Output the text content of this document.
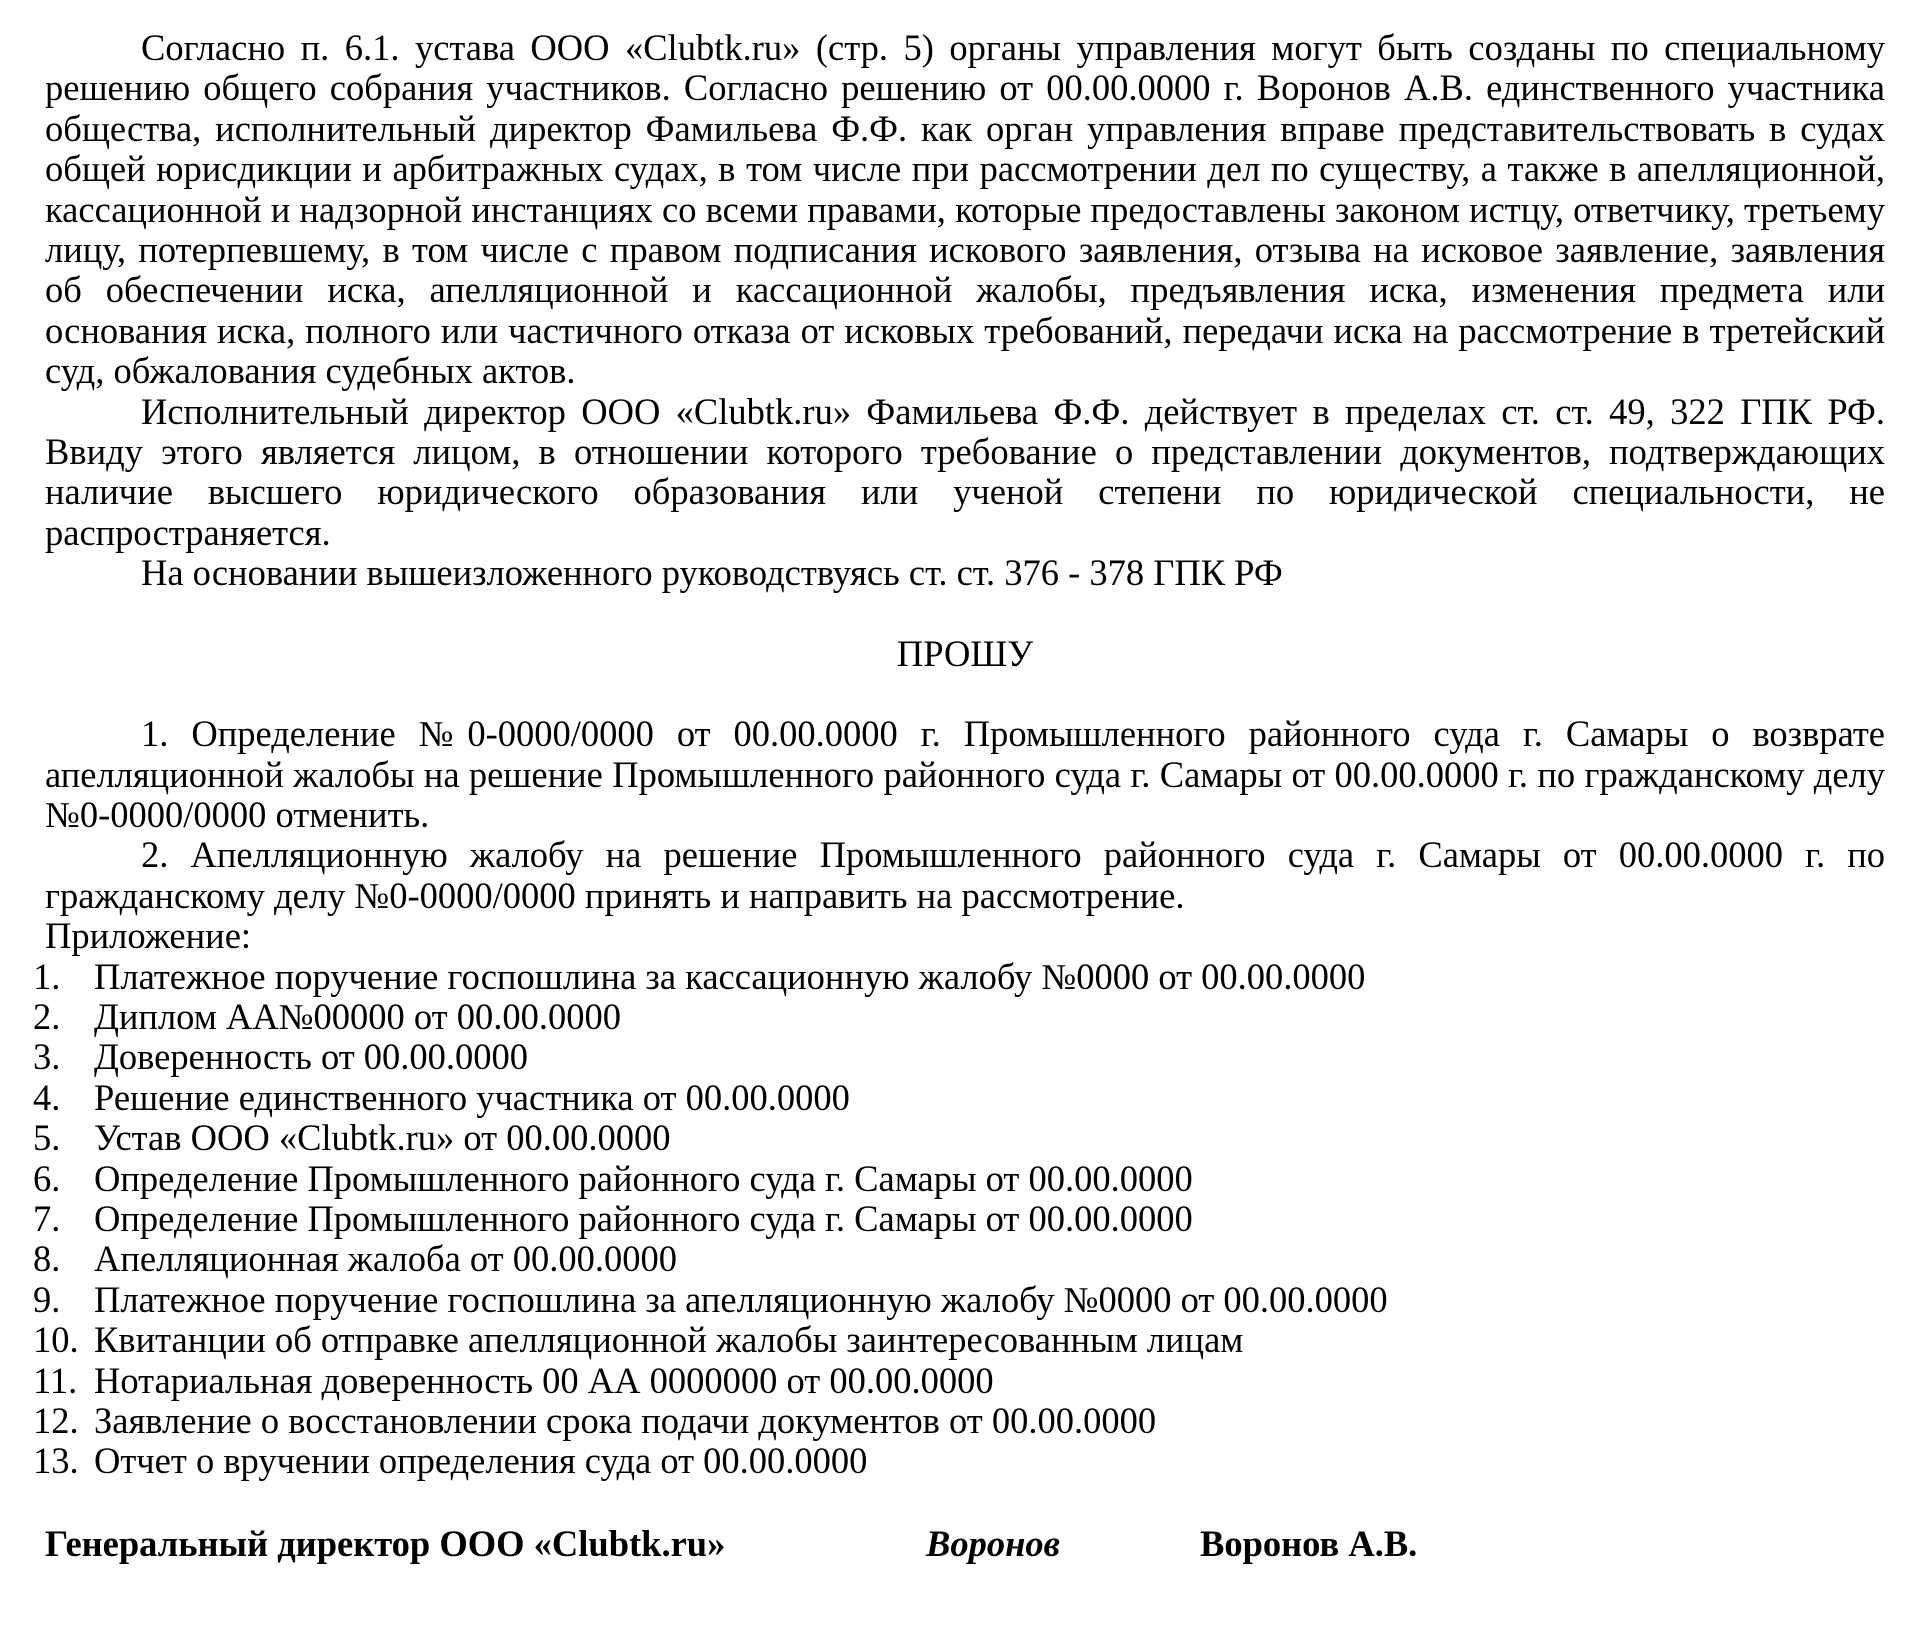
Согласно п. 6.1. устава ООО «Clubtk.ru» (стр. 5) органы управления могут быть созданы по специальному решению общего собрания участников. Согласно решению от 00.00.0000 г. Воронов А.В. единственного участника общества, исполнительный директор Фамильева Ф.Ф. как орган управления вправе представительствовать в судах общей юрисдикции и арбитражных судах, в том числе при рассмотрении дел по существу, а также в апелляционной, кассационной и надзорной инстанциях со всеми правами, которые предоставлены законом истцу, ответчику, третьему лицу, потерпевшему, в том числе с правом подписания искового заявления, отзыва на исковое заявление, заявления об обеспечении иска, апелляционной и кассационной жалобы, предъявления иска, изменения предмета или основания иска, полного или частичного отказа от исковых требований, передачи иска на рассмотрение в третейский суд, обжалования судебных актов.

Исполнительный директор ООО «Clubtk.ru» Фамильева Ф.Ф. действует в пределах ст. ст. 49, 322 ГПК РФ. Ввиду этого является лицом, в отношении которого требование о представлении документов, подтверждающих наличие высшего юридического образования или ученой степени по юридической специальности, не распространяется.

На основании вышеизложенного руководствуясь ст. ст. 376 - 378 ГПК РФ

ПРОШУ

1. Определение №0-0000/0000 от 00.00.0000 г. Промышленного районного суда г. Самары о возврате апелляционной жалобы на решение Промышленного районного суда г. Самары от 00.00.0000 г. по гражданскому делу №0-0000/0000 отменить.

2. Апелляционную жалобу на решение Промышленного районного суда г. Самары от 00.00.0000 г. по гражданскому делу №0-0000/0000 принять и направить на рассмотрение.

Приложение:

1. Платежное поручение госпошлина за кассационную жалобу №0000 от 00.00.0000
2. Диплом АА№00000 от 00.00.0000
3. Доверенность от 00.00.0000
4. Решение единственного участника от 00.00.0000
5. Устав ООО «Clubtk.ru» от 00.00.0000
6. Определение Промышленного районного суда г. Самары от 00.00.0000
7. Определение Промышленного районного суда г. Самары от 00.00.0000
8. Апелляционная жалоба от 00.00.0000
9. Платежное поручение госпошлина за апелляционную жалобу №0000 от 00.00.0000
10. Квитанции об отправке апелляционной жалобы заинтересованным лицам
11. Нотариальная доверенность 00 АА 0000000 от 00.00.0000
12. Заявление о восстановлении срока подачи документов от 00.00.0000
13. Отчет о вручении определения суда от 00.00.0000
Генеральный директор ООО «Clubtk.ru»	Воронов	Воронов А.В.
